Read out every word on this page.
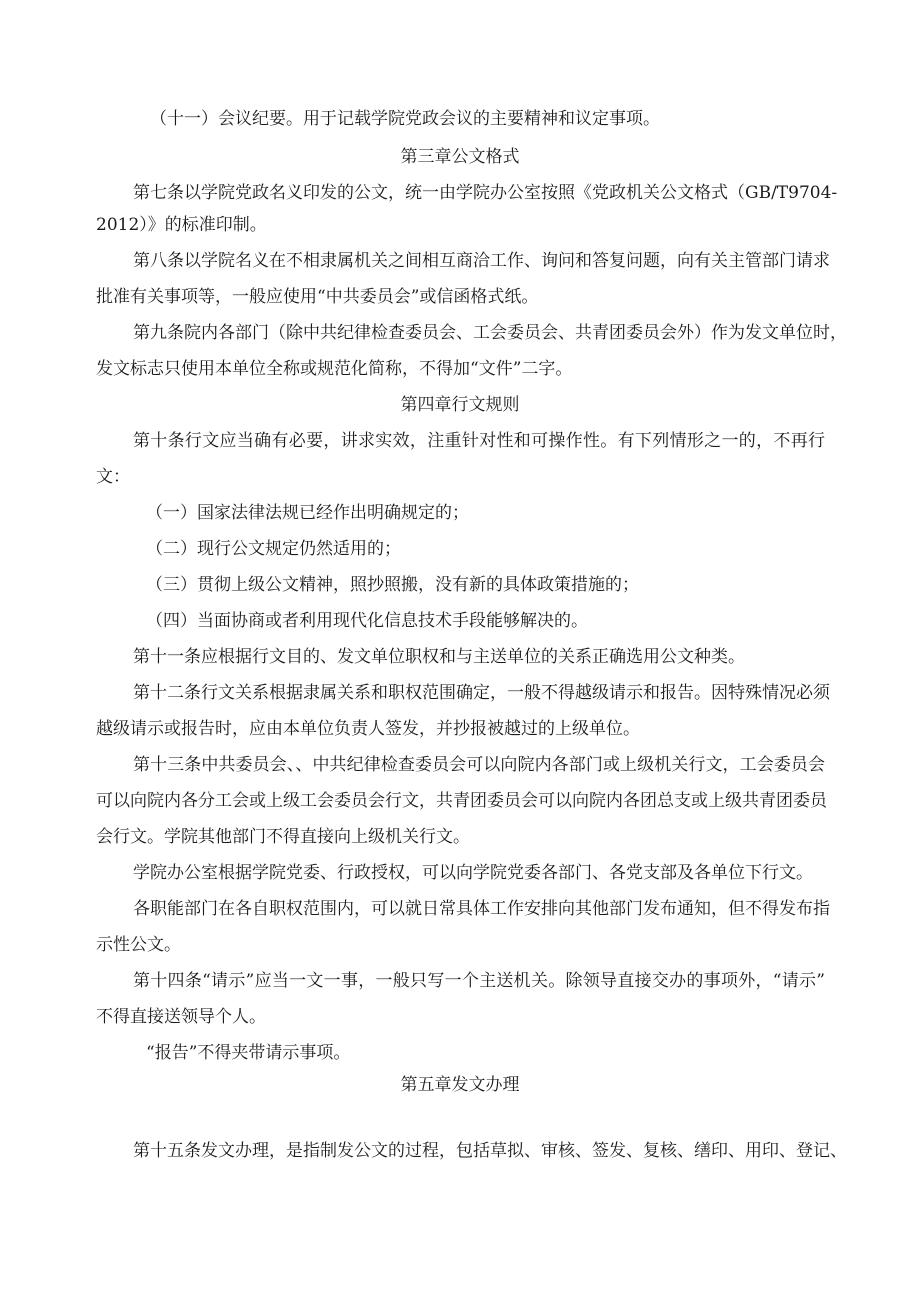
（十一）会议纪要。用于记载学院党政会议的主要精神和议定事项。

第三章公文格式

第七条以学院党政名义印发的公文，统一由学院办公室按照《党政机关公文格式（GB/T9704-

2012）》的标准印制。

第八条以学院名义在不相隶属机关之间相互商洽工作、询问和答复问题，向有关主管部门请求

批准有关事项等，一般应使用“中共委员会”或信函格式纸。

第九条院内各部门（除中共纪律检查委员会、工会委员会、共青团委员会外）作为发文单位时，

发文标志只使用本单位全称或规范化简称，不得加“文件”二字。

第四章行文规则

第十条行文应当确有必要，讲求实效，注重针对性和可操作性。有下列情形之一的，不再行

文：

（一）国家法律法规已经作出明确规定的；

（二）现行公文规定仍然适用的；

（三）贯彻上级公文精神，照抄照搬，没有新的具体政策措施的；

（四）当面协商或者利用现代化信息技术手段能够解决的。

第十一条应根据行文目的、发文单位职权和与主送单位的关系正确选用公文种类。

第十二条行文关系根据隶属关系和职权范围确定，一般不得越级请示和报告。因特殊情况必须

越级请示或报告时，应由本单位负责人签发，并抄报被越过的上级单位。

第十三条中共委员会、、中共纪律检查委员会可以向院内各部门或上级机关行文，工会委员会

可以向院内各分工会或上级工会委员会行文，共青团委员会可以向院内各团总支或上级共青团委员

会行文。学院其他部门不得直接向上级机关行文。

学院办公室根据学院党委、行政授权，可以向学院党委各部门、各党支部及各单位下行文。

各职能部门在各自职权范围内，可以就日常具体工作安排向其他部门发布通知，但不得发布指

示性公文。

第十四条“请示”应当一文一事，一般只写一个主送机关。除领导直接交办的事项外，“请示”

不得直接送领导个人。

“报告”不得夹带请示事项。

第五章发文办理

第十五条发文办理，是指制发公文的过程，包括草拟、审核、签发、复核、缮印、用印、登记、
